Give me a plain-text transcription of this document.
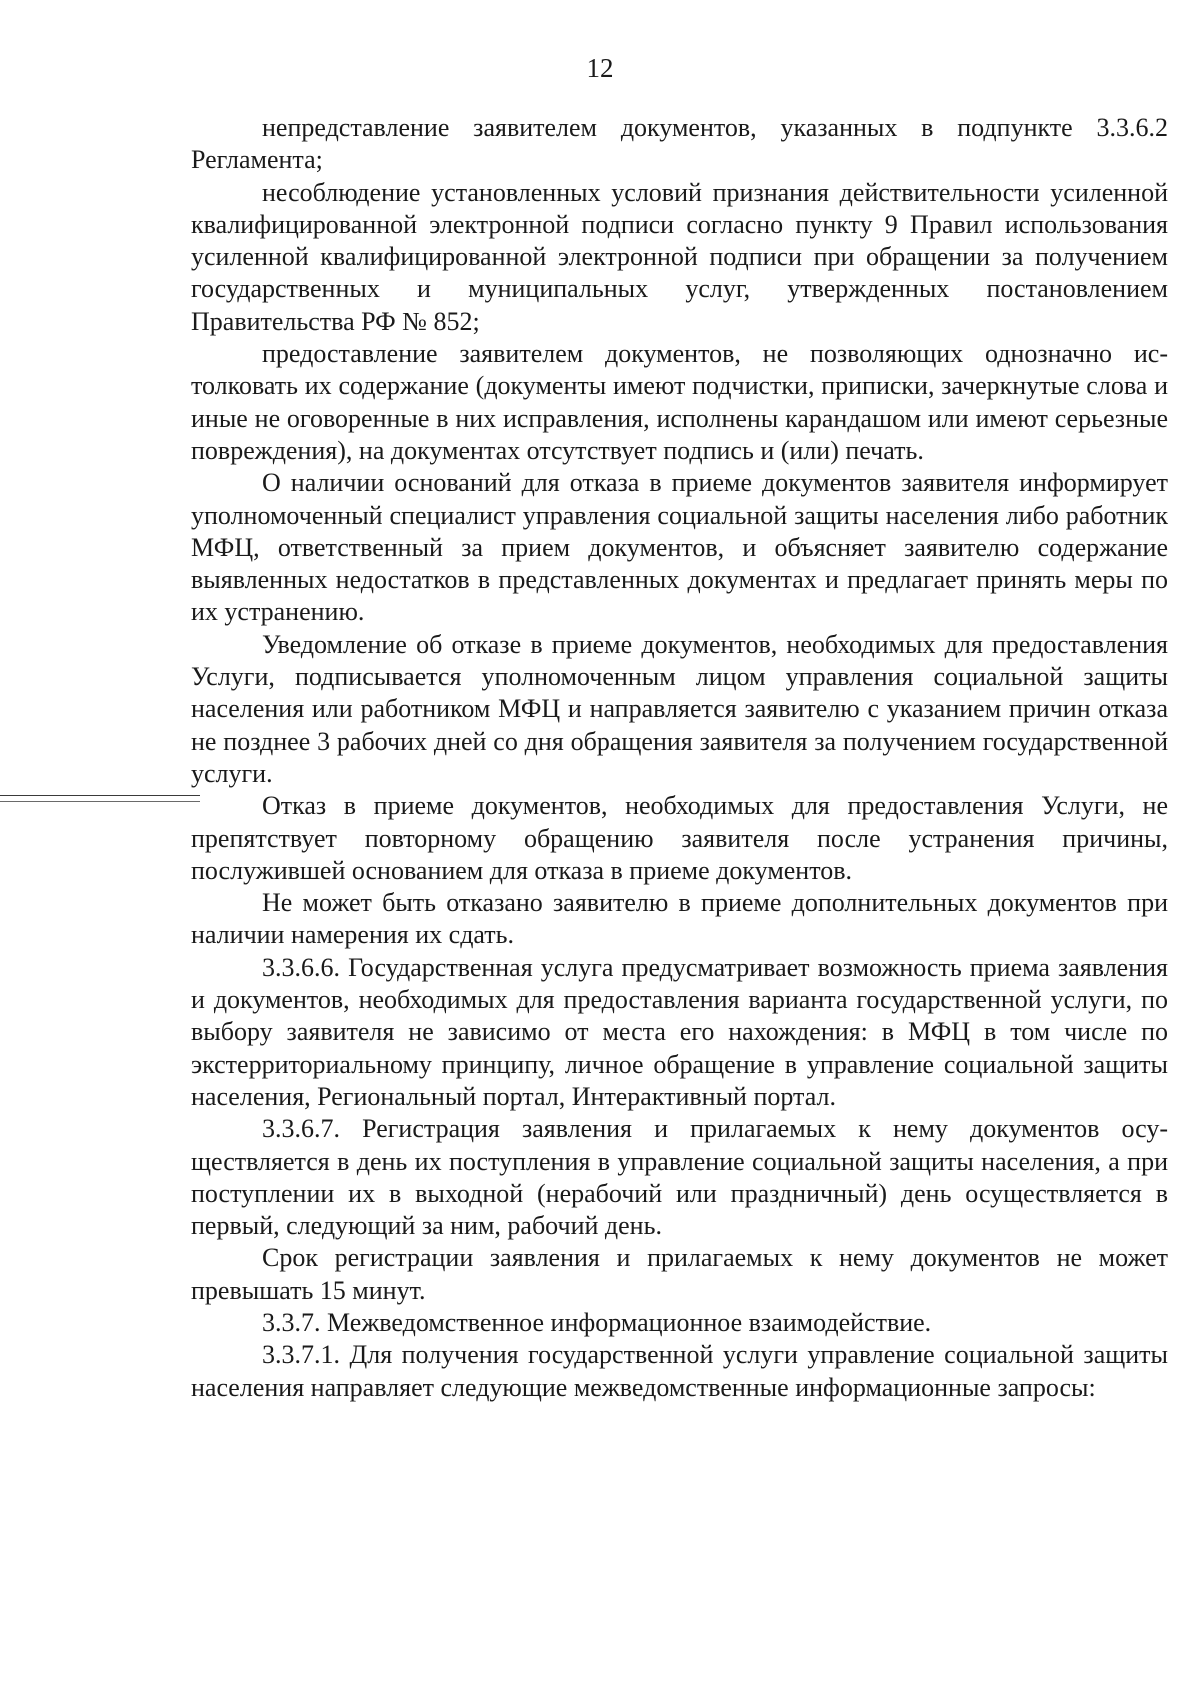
12

непредставление заявителем документов, указанных в подпункте 3.3.6.2 Регламента;

несоблюдение установленных условий признания действительности усиленной квалифицированной электронной подписи согласно пункту 9 Правил использования усиленной квалифицированной электронной подписи при обращении за получением государственных и муниципальных услуг, утвержденных постановлением Правительства РФ № 852;

предоставление заявителем документов, не позволяющих однозначно истолковать их содержание (документы имеют подчистки, приписки, зачеркнутые слова и иные не оговоренные в них исправления, исполнены карандашом или имеют серьезные повреждения), на документах отсутствует подпись и (или) печать.

О наличии оснований для отказа в приеме документов заявителя информирует уполномоченный специалист управления социальной защиты населения либо работник МФЦ, ответственный за прием документов, и объясняет заявителю содержание выявленных недостатков в представленных документах и предлагает принять меры по их устранению.

Уведомление об отказе в приеме документов, необходимых для предоставления Услуги, подписывается уполномоченным лицом управления социальной защиты населения или работником МФЦ и направляется заявителю с указанием причин отказа не позднее 3 рабочих дней со дня обращения заявителя за получением государственной услуги.

Отказ в приеме документов, необходимых для предоставления Услуги, не препятствует повторному обращению заявителя после устранения причины, послужившей основанием для отказа в приеме документов.

Не может быть отказано заявителю в приеме дополнительных документов при наличии намерения их сдать.

3.3.6.6. Государственная услуга предусматривает возможность приема заявления и документов, необходимых для предоставления варианта государственной услуги, по выбору заявителя не зависимо от места его нахождения: в МФЦ в том числе по экстерриториальному принципу, личное обращение в управление социальной защиты населения, Региональный портал, Интерактивный портал.

3.3.6.7. Регистрация заявления и прилагаемых к нему документов осуществляется в день их поступления в управление социальной защиты населения, а при поступлении их в выходной (нерабочий или праздничный) день осуществляется в первый, следующий за ним, рабочий день.

Срок регистрации заявления и прилагаемых к нему документов не может превышать 15 минут.

3.3.7. Межведомственное информационное взаимодействие.

3.3.7.1. Для получения государственной услуги управление социальной защиты населения направляет следующие межведомственные информационные запросы:
